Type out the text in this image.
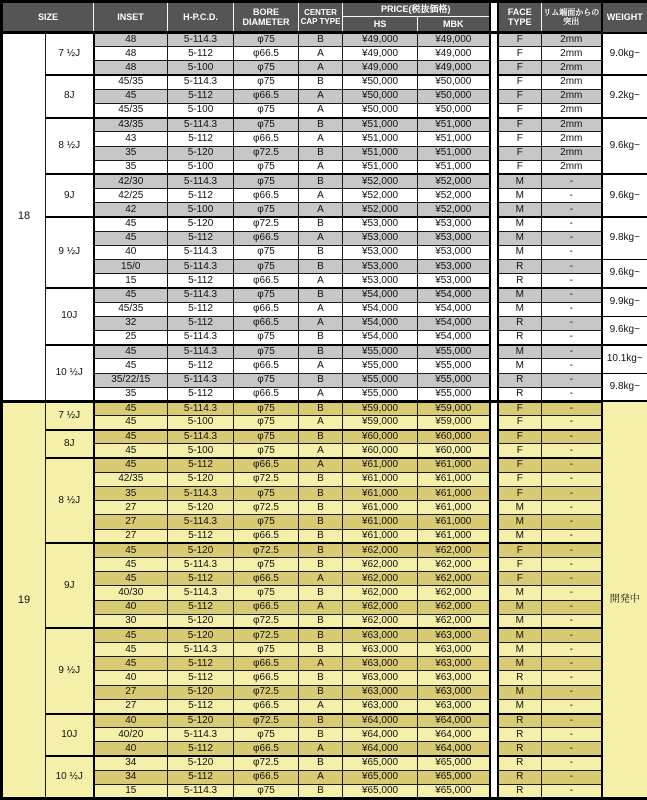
SIZE		INSET	H-P.C.D.	BORE DIAMETER	CENTER CAP TYPE	PRICE(税抜価格)			FACE TYPE	リム端面からの突出	WEIGHT
						HS	MBK				
18	7 ½J	48	5-114.3	φ75	B	¥49,000	¥49,000		F	2mm	9.0kg~
		48	5-112	φ66.5	A	¥49,000	¥49,000		F	2mm	
		48	5-100	φ75	A	¥49,000	¥49,000		F	2mm	
	8J	45/35	5-114.3	φ75	B	¥50,000	¥50,000		F	2mm	9.2kg~
		45	5-112	φ66.5	A	¥50,000	¥50,000		F	2mm	
		45/35	5-100	φ75	A	¥50,000	¥50,000		F	2mm	
	8 ½J	43/35	5-114.3	φ75	B	¥51,000	¥51,000		F	2mm	9.6kg~
		43	5-112	φ66.5	A	¥51,000	¥51,000		F	2mm	
		35	5-120	φ72.5	B	¥51,000	¥51,000		F	2mm	
		35	5-100	φ75	A	¥51,000	¥51,000		F	2mm	
	9J	42/30	5-114.3	φ75	B	¥52,000	¥52,000		M	-	9.6kg~
		42/25	5-112	φ66.5	A	¥52,000	¥52,000		M	-	
		42	5-100	φ75	A	¥52,000	¥52,000		M	-	
	9 ½J	45	5-120	φ72.5	B	¥53,000	¥53,000		M	-	9.8kg~
		45	5-112	φ66.5	A	¥53,000	¥53,000		M	-	
		40	5-114.3	φ75	B	¥53,000	¥53,000		M	-	
		15/0	5-114.3	φ75	B	¥53,000	¥53,000		R	-	9.6kg~
		15	5-112	φ66.5	A	¥53,000	¥53,000		R	-	
	10J	45	5-114.3	φ75	B	¥54,000	¥54,000		M	-	9.9kg~
		45/35	5-112	φ66.5	A	¥54,000	¥54,000		M	-	
		32	5-112	φ66.5	A	¥54,000	¥54,000		R	-	9.6kg~
		25	5-114.3	φ75	B	¥54,000	¥54,000		R	-	
	10 ½J	45	5-114.3	φ75	B	¥55,000	¥55,000		M	-	10.1kg~
		45	5-112	φ66.5	A	¥55,000	¥55,000		M	-	
		35/22/15	5-114.3	φ75	B	¥55,000	¥55,000		R	-	9.8kg~
		35	5-112	φ66.5	A	¥55,000	¥55,000		R	-	
19	7 ½J	45	5-114.3	φ75	B	¥59,000	¥59,000		F	-	開発中
		45	5-100	φ75	A	¥59,000	¥59,000		F	-	
	8J	45	5-114.3	φ75	B	¥60,000	¥60,000		F	-	
		45	5-100	φ75	A	¥60,000	¥60,000		F	-	
	8 ½J	45	5-112	φ66.5	A	¥61,000	¥61,000		F	-	
		42/35	5-120	φ72.5	B	¥61,000	¥61,000		F	-	
		35	5-114.3	φ75	B	¥61,000	¥61,000		F	-	
		27	5-120	φ72.5	B	¥61,000	¥61,000		M	-	
		27	5-114.3	φ75	B	¥61,000	¥61,000		M	-	
		27	5-112	φ66.5	B	¥61,000	¥61,000		M	-	
	9J	45	5-120	φ72.5	B	¥62,000	¥62,000		F	-	
		45	5-114.3	φ75	B	¥62,000	¥62,000		F	-	
		45	5-112	φ66.5	A	¥62,000	¥62,000		F	-	
		40/30	5-114.3	φ75	B	¥62,000	¥62,000		M	-	
		40	5-112	φ66.5	A	¥62,000	¥62,000		M	-	
		30	5-120	φ72.5	B	¥62,000	¥62,000		M	-	
	9 ½J	45	5-120	φ72.5	B	¥63,000	¥63,000		M	-	
		45	5-114.3	φ75	B	¥63,000	¥63,000		M	-	
		45	5-112	φ66.5	A	¥63,000	¥63,000		M	-	
		40	5-112	φ66.5	B	¥63,000	¥63,000		R	-	
		27	5-120	φ72.5	B	¥63,000	¥63,000		M	-	
		27	5-112	φ66.5	A	¥63,000	¥63,000		M	-	
	10J	40	5-120	φ72.5	B	¥64,000	¥64,000		R	-	
		40/20	5-114.3	φ75	B	¥64,000	¥64,000		R	-	
		40	5-112	φ66.5	A	¥64,000	¥64,000		R	-	
	10 ½J	34	5-120	φ72.5	B	¥65,000	¥65,000		R	-	
		34	5-112	φ66.5	A	¥65,000	¥65,000		R	-	
		15	5-114.3	φ75	B	¥65,000	¥65,000		R	-	
